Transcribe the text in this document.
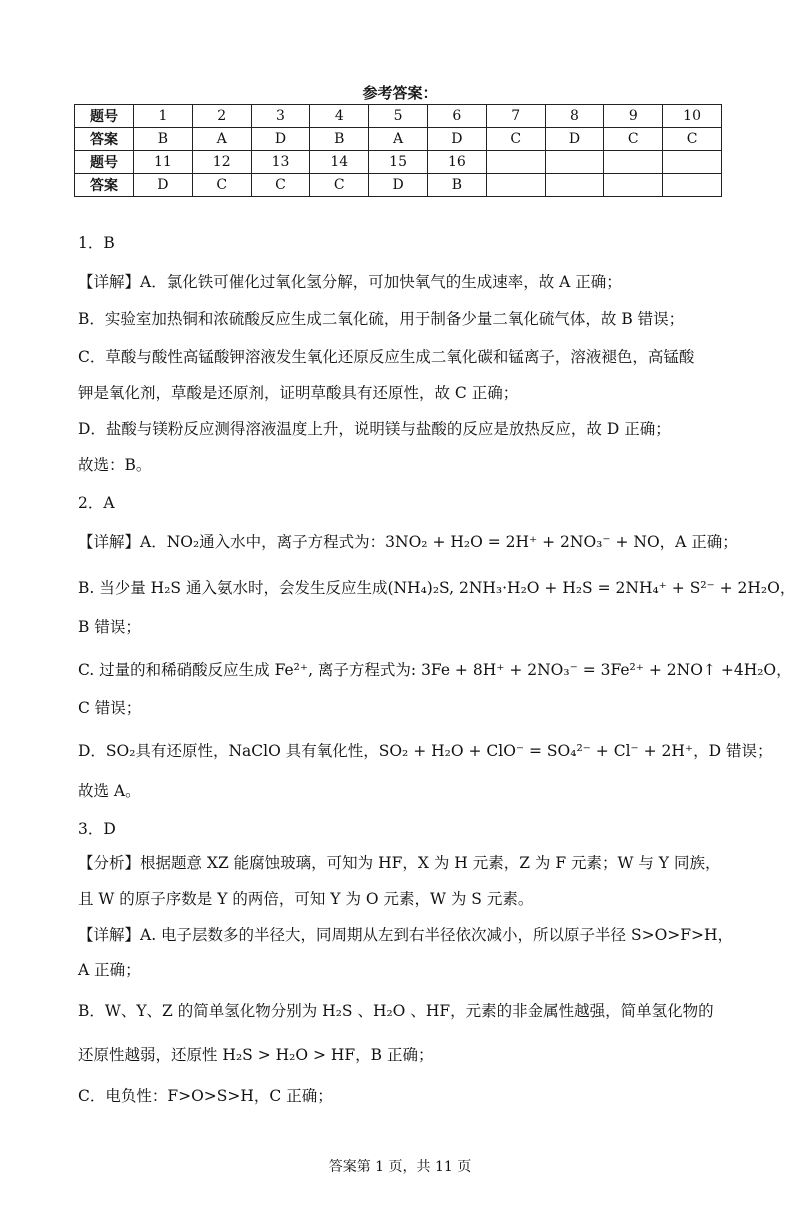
参考答案：
题号	1	2	3	4	5	6	7	8	9	10
答案	B	A	D	B	A	D	C	D	C	C
题号	11	12	13	14	15	16				
答案	D	C	C	C	D	B				
1．B
【详解】A．氯化铁可催化过氧化氢分解，可加快氧气的生成速率，故 A 正确；
B．实验室加热铜和浓硫酸反应生成二氧化硫，用于制备少量二氧化硫气体，故 B 错误；
C．草酸与酸性高锰酸钾溶液发生氧化还原反应生成二氧化碳和锰离子，溶液褪色，高锰酸
钾是氧化剂，草酸是还原剂，证明草酸具有还原性，故 C 正确；
D．盐酸与镁粉反应测得溶液温度上升，说明镁与盐酸的反应是放热反应，故 D 正确；
故选：B。
2．A
【详解】A．NO₂通入水中，离子方程式为：3NO₂ + H₂O = 2H⁺ + 2NO₃⁻ + NO，A 正确；
B. 当少量 H₂S 通入氨水时，会发生反应生成(NH₄)₂S, 2NH₃·H₂O + H₂S = 2NH₄⁺ + S²⁻ + 2H₂O，
B 错误；
C. 过量的和稀硝酸反应生成 Fe²⁺, 离子方程式为: 3Fe + 8H⁺ + 2NO₃⁻ = 3Fe²⁺ + 2NO↑ +4H₂O，
C 错误；
D．SO₂具有还原性，NaClO 具有氧化性，SO₂ + H₂O + ClO⁻ = SO₄²⁻ + Cl⁻ + 2H⁺，D 错误；
故选 A。
3．D
【分析】根据题意 XZ 能腐蚀玻璃，可知为 HF，X 为 H 元素，Z 为 F 元素；W 与 Y 同族，
且 W 的原子序数是 Y 的两倍，可知 Y 为 O 元素，W 为 S 元素。
【详解】A. 电子层数多的半径大，同周期从左到右半径依次减小，所以原子半径 S>O>F>H，
A 正确；
B．W、Y、Z 的简单氢化物分别为 H₂S 、H₂O 、HF，元素的非金属性越强，简单氢化物的
还原性越弱，还原性 H₂S > H₂O > HF，B 正确；
C．电负性：F>O>S>H，C 正确；
答案第 1 页，共 11 页
